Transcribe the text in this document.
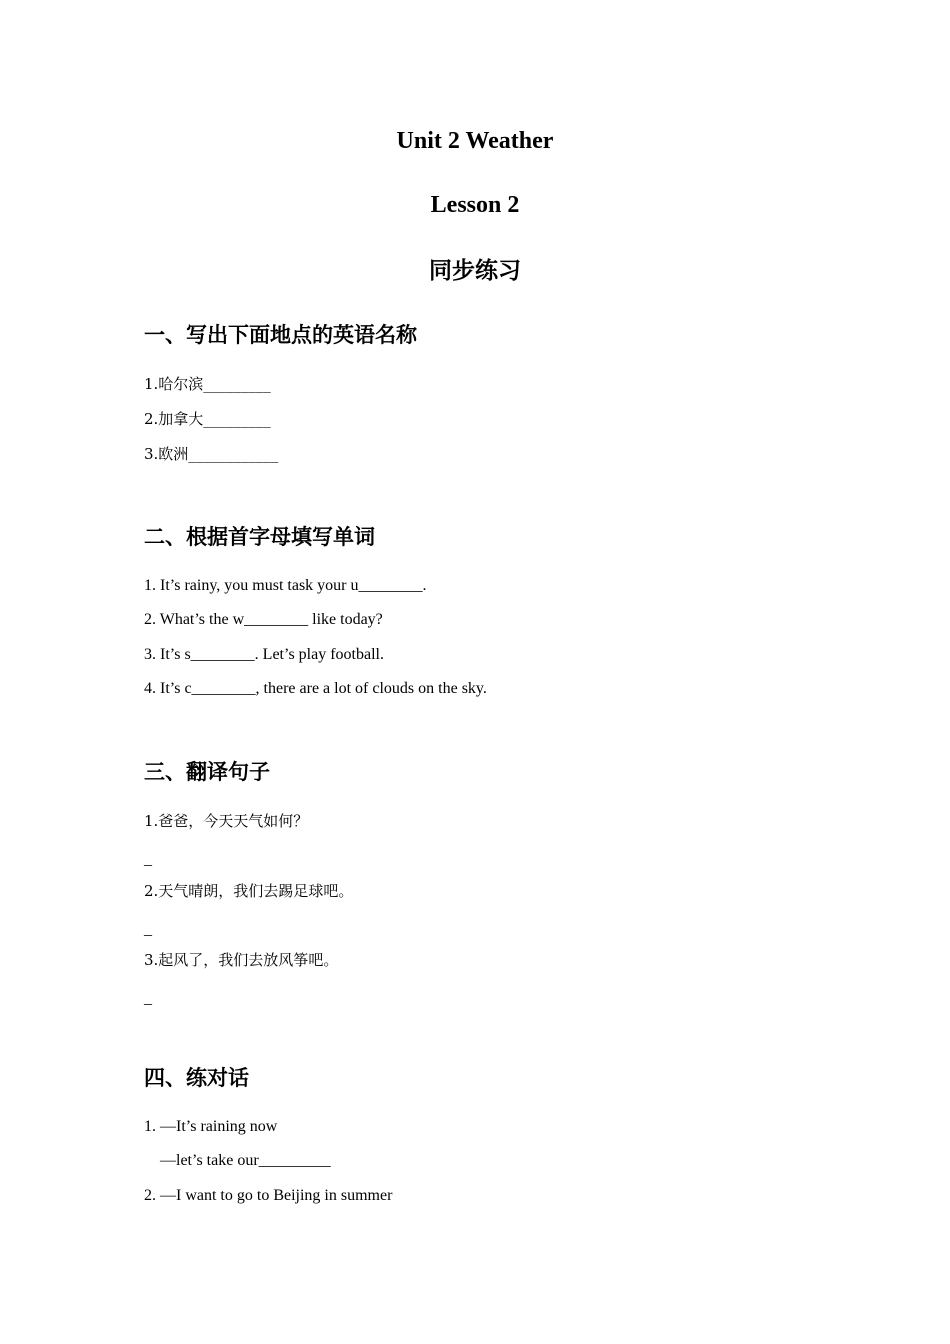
Unit 2 Weather
Lesson 2
同步练习
一、写出下面地点的英语名称
1.哈尔滨_________
2.加拿大_________
3.欧洲____________
二、根据首字母填写单词
1. It’s rainy, you must task your u________.
2. What’s the w________ like today?
3. It’s s________. Let’s play football.
4. It’s c________, there are a lot of clouds on the sky.
三、翻译句子
1.爸爸，今天天气如何？
_
2.天气晴朗，我们去踢足球吧。
_
3.起风了，我们去放风筝吧。
_
四、练对话
1. —It’s raining now
—let’s take our_________
2. —I want to go to Beijing in summer
